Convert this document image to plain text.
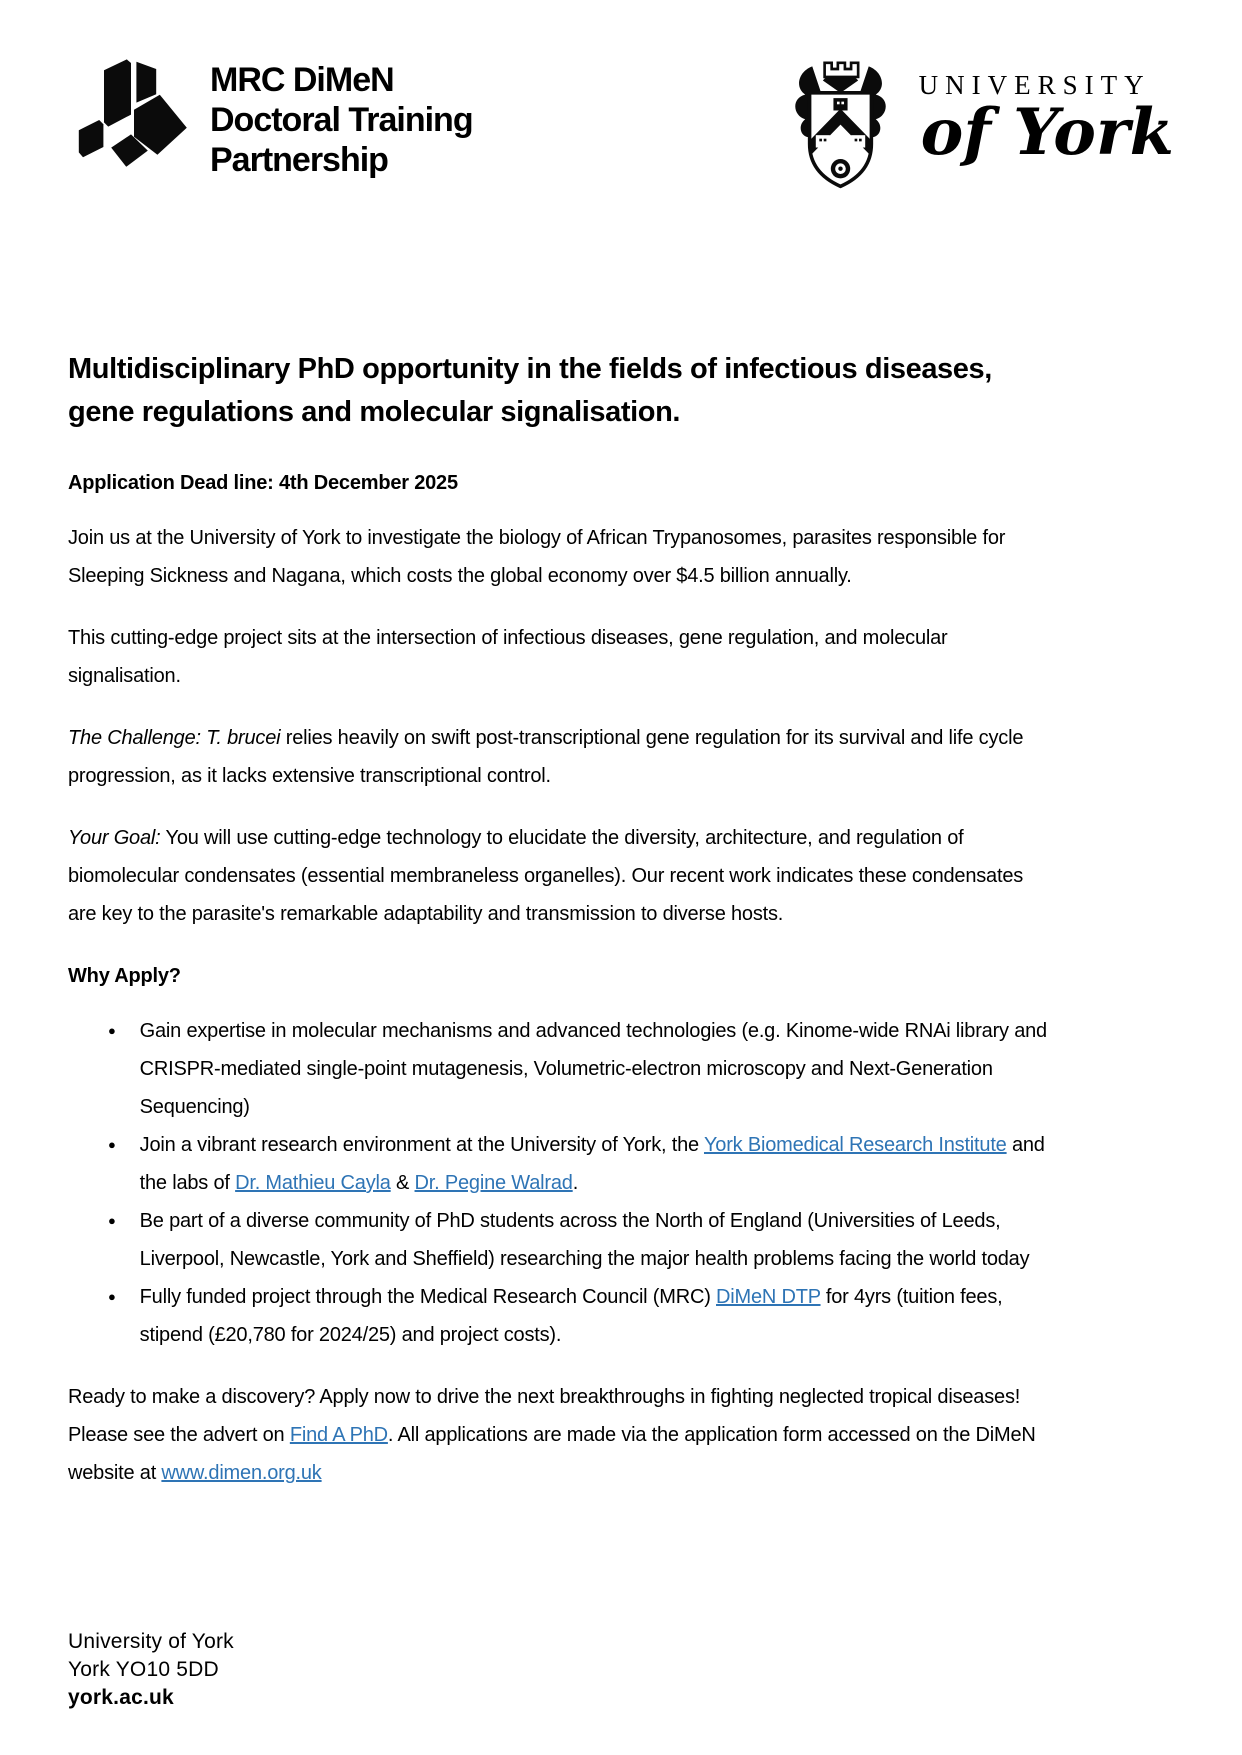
MRC DiMeN
Doctoral Training
Partnership
UNIVERSITY
of York
Multidisciplinary PhD opportunity in the fields of infectious diseases, gene regulations and molecular signalisation.

Application Dead line: 4th December 2025

Join us at the University of York to investigate the biology of African Trypanosomes, parasites responsible for Sleeping Sickness and Nagana, which costs the global economy over $4.5 billion annually.

This cutting-edge project sits at the intersection of infectious diseases, gene regulation, and molecular signalisation.

The Challenge: T. brucei relies heavily on swift post-transcriptional gene regulation for its survival and life cycle progression, as it lacks extensive transcriptional control.

Your Goal: You will use cutting-edge technology to elucidate the diversity, architecture, and regulation of biomolecular condensates (essential membraneless organelles). Our recent work indicates these condensates are key to the parasite's remarkable adaptability and transmission to diverse hosts.

Why Apply?
● Gain expertise in molecular mechanisms and advanced technologies (e.g. Kinome-wide RNAi library and CRISPR-mediated single-point mutagenesis, Volumetric-electron microscopy and Next-Generation Sequencing)
● Join a vibrant research environment at the University of York, the York Biomedical Research Institute and the labs of Dr. Mathieu Cayla & Dr. Pegine Walrad.
● Be part of a diverse community of PhD students across the North of England (Universities of Leeds, Liverpool, Newcastle, York and Sheffield) researching the major health problems facing the world today
● Fully funded project through the Medical Research Council (MRC) DiMeN DTP for 4yrs (tuition fees, stipend (£20,780 for 2024/25) and project costs).

Ready to make a discovery? Apply now to drive the next breakthroughs in fighting neglected tropical diseases! Please see the advert on Find A PhD. All applications are made via the application form accessed on the DiMeN website at www.dimen.org.uk

University of York
York YO10 5DD
york.ac.uk
